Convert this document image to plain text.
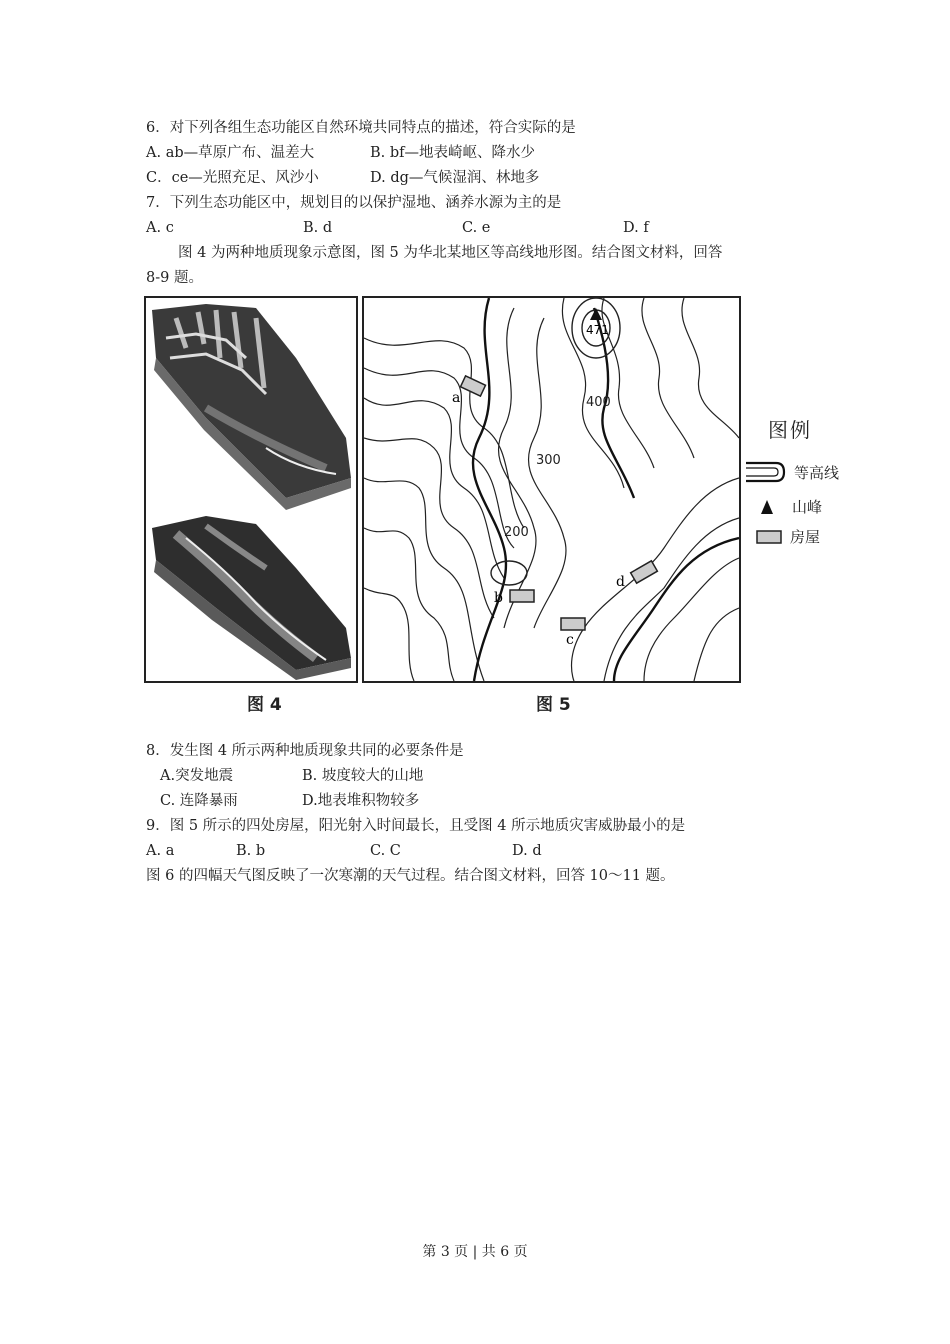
6．对下列各组生态功能区自然环境共同特点的描述，符合实际的是
A. ab—草原广布、温差大	B. bf—地表崎岖、降水少
C．ce—光照充足、风沙小	D. dg—气候湿润、林地多
7．下列生态功能区中，规划目的以保护湿地、涵养水源为主的是
A. c	B. d	C. e	D. f
图 4 为两种地质现象示意图，图 5 为华北某地区等高线地形图。结合图文材料，回答
8-9 题。
图 4
471
400
300
200
a
b
c
d
图 5
图例
等高线
山峰
房屋
8．发生图 4 所示两种地质现象共同的必要条件是
A.突发地震	B. 坡度较大的山地
C. 连降暴雨	D.地表堆积物较多
9．图 5 所示的四处房屋，阳光射入时间最长，且受图 4 所示地质灾害威胁最小的是
A. a	B. b	C. C	D. d
图 6 的四幅天气图反映了一次寒潮的天气过程。结合图文材料，回答 10～11 题。
第 3 页 | 共 6 页
